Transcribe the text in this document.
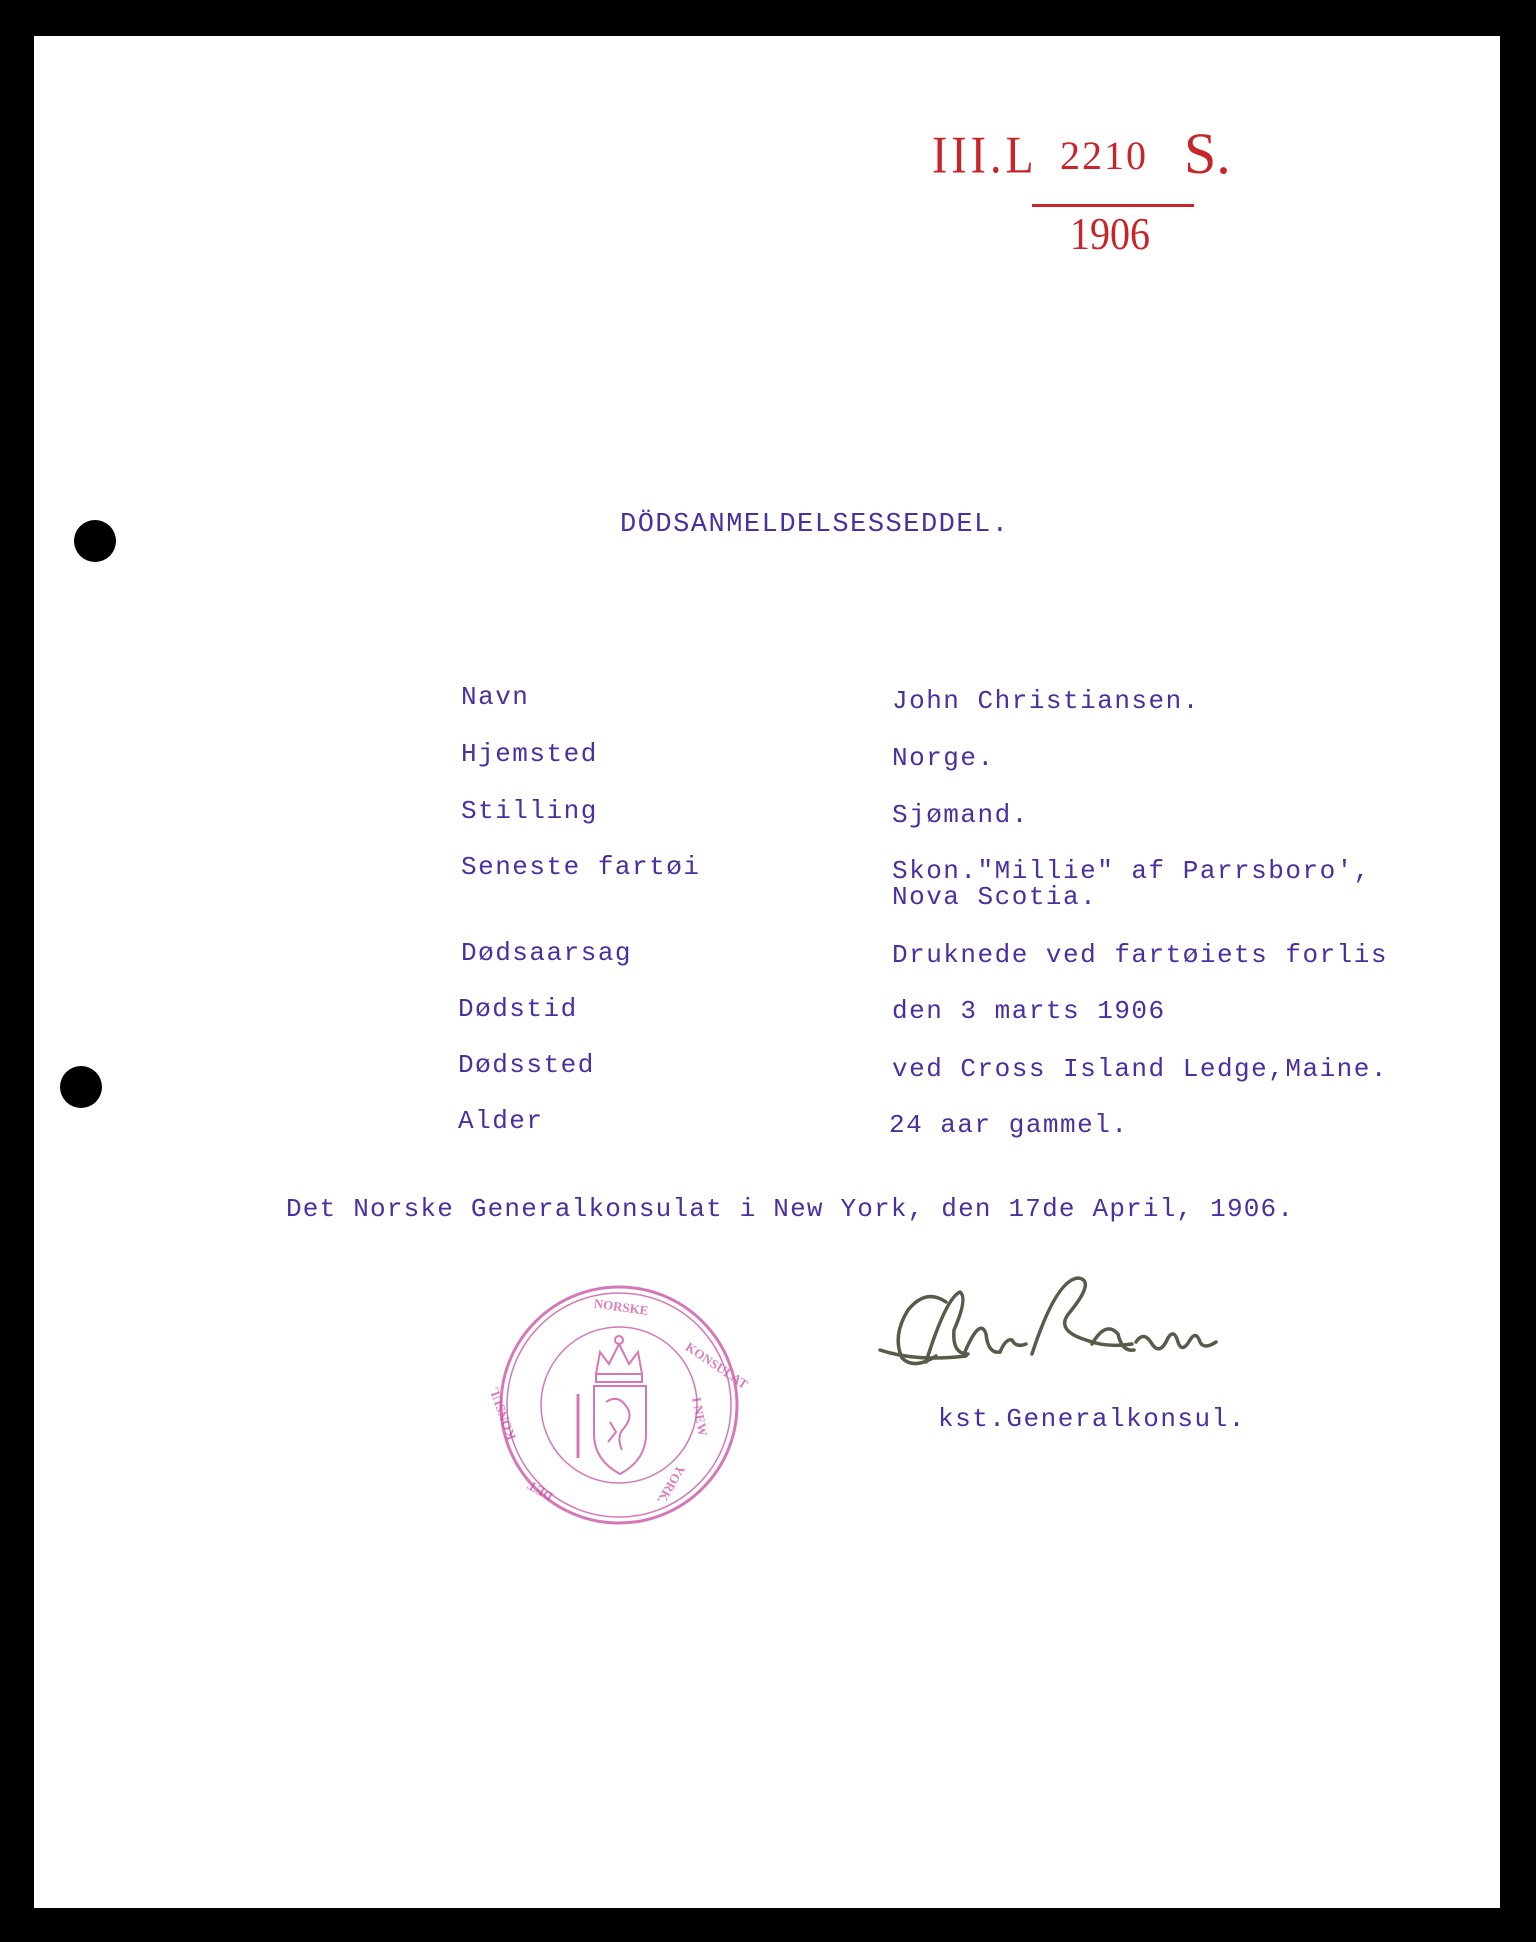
III.L 2210 S.
1906
DÖDSANMELDELSESSEDDEL.
Navn	John Christiansen.
Hjemsted	Norge.
Stilling	Sjømand.
Seneste fartøi	Skon."Millie" af Parrsboro',
Nova Scotia.
Dødsaarsag	Druknede ved fartøiets forlis
Dødstid	den 3 marts 1906
Dødssted	ved Cross Island Ledge,Maine.
Alder	24 aar gammel.
Det Norske Generalkonsulat i New York, den 17de April, 1906.
NORSKE
KONSULAT
I NEW
YORK.
DET
KONSUL	kst.Generalkonsul.
